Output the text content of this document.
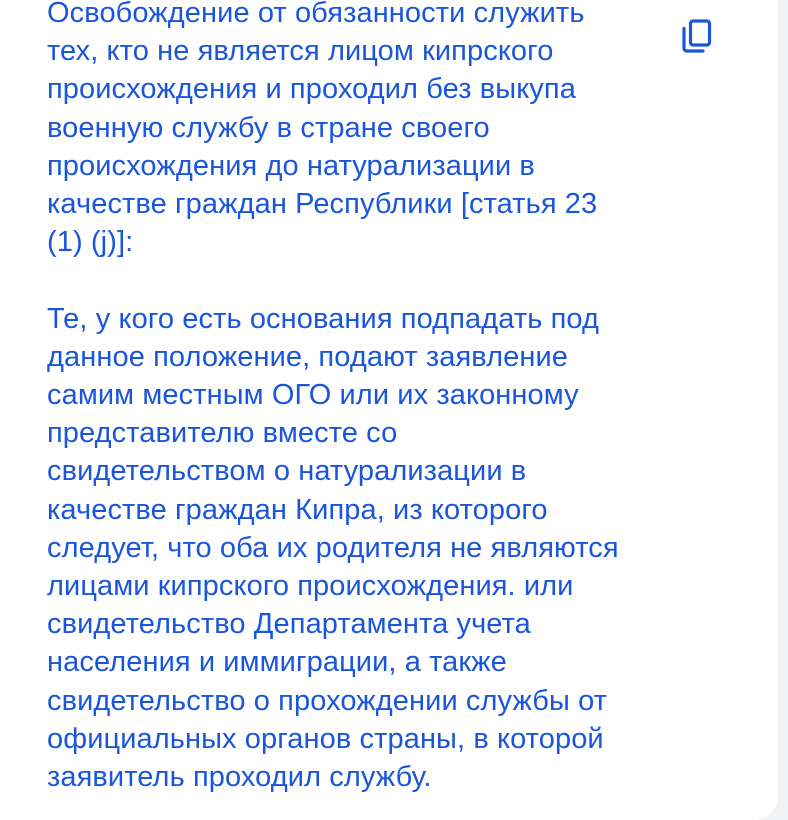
Освобождение от обязанности служить
тех, кто не является лицом кипрского
происхождения и проходил без выкупа
военную службу в стране своего
происхождения до натурализации в
качестве граждан Республики [статья 23
(1) (j)]:

Те, у кого есть основания подпадать под
данное положение, подают заявление
самим местным ОГО или их законному
представителю вместе со
свидетельством о натурализации в
качестве граждан Кипра, из которого
следует, что оба их родителя не являются
лицами кипрского происхождения. или
свидетельство Департамента учета
населения и иммиграции, а также
свидетельство о прохождении службы от
официальных органов страны, в которой
заявитель проходил службу.
